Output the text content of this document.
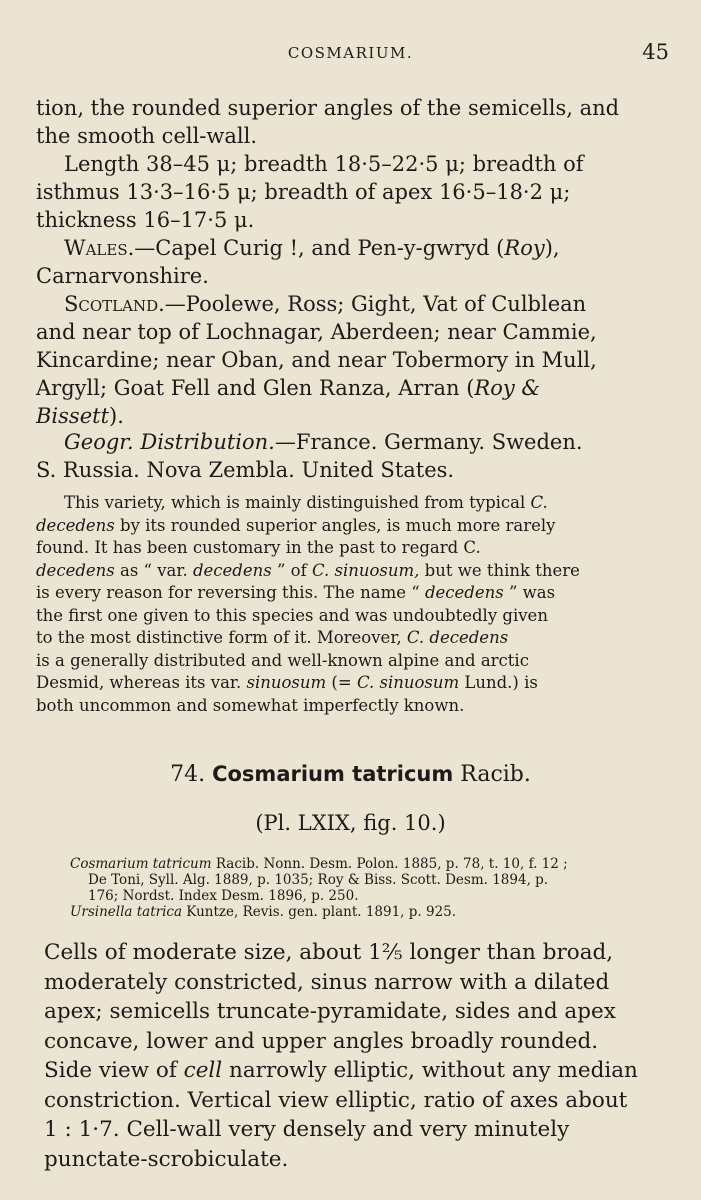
COSMARIUM.	45
tion, the rounded superior angles of the semicells, and
the smooth cell-wall.
Length 38–45 μ; breadth 18·5–22·5 μ; breadth of
isthmus 13·3–16·5 μ; breadth of apex 16·5–18·2 μ;
thickness 16–17·5 μ.
Wales.—Capel Curig !, and Pen-y-gwryd (Roy),
Carnarvonshire.
Scotland.—Poolewe, Ross; Gight, Vat of Culblean
and near top of Lochnagar, Aberdeen; near Cammie,
Kincardine; near Oban, and near Tobermory in Mull,
Argyll; Goat Fell and Glen Ranza, Arran (Roy &
Bissett).
Geogr. Distribution.—France. Germany. Sweden.
S. Russia. Nova Zembla. United States.
This variety, which is mainly distinguished from typical C.
decedens by its rounded superior angles, is much more rarely
found. It has been customary in the past to regard C.
decedens as “ var. decedens ” of C. sinuosum, but we think there
is every reason for reversing this. The name “ decedens ” was
the first one given to this species and was undoubtedly given
to the most distinctive form of it. Moreover, C. decedens
is a generally distributed and well-known alpine and arctic
Desmid, whereas its var. sinuosum (= C. sinuosum Lund.) is
both uncommon and somewhat imperfectly known.
74. Cosmarium tatricum Racib.
(Pl. LXIX, fig. 10.)
Cosmarium tatricum Racib. Nonn. Desm. Polon. 1885, p. 78, t. 10, f. 12 ;
De Toni, Syll. Alg. 1889, p. 1035; Roy & Biss. Scott. Desm. 1894, p.
176; Nordst. Index Desm. 1896, p. 250.
Ursinella tatrica Kuntze, Revis. gen. plant. 1891, p. 925.
Cells of moderate size, about 1⅖ longer than broad,
moderately constricted, sinus narrow with a dilated
apex; semicells truncate-pyramidate, sides and apex
concave, lower and upper angles broadly rounded.
Side view of cell narrowly elliptic, without any median
constriction. Vertical view elliptic, ratio of axes about
1 : 1·7. Cell-wall very densely and very minutely
punctate-scrobiculate.
